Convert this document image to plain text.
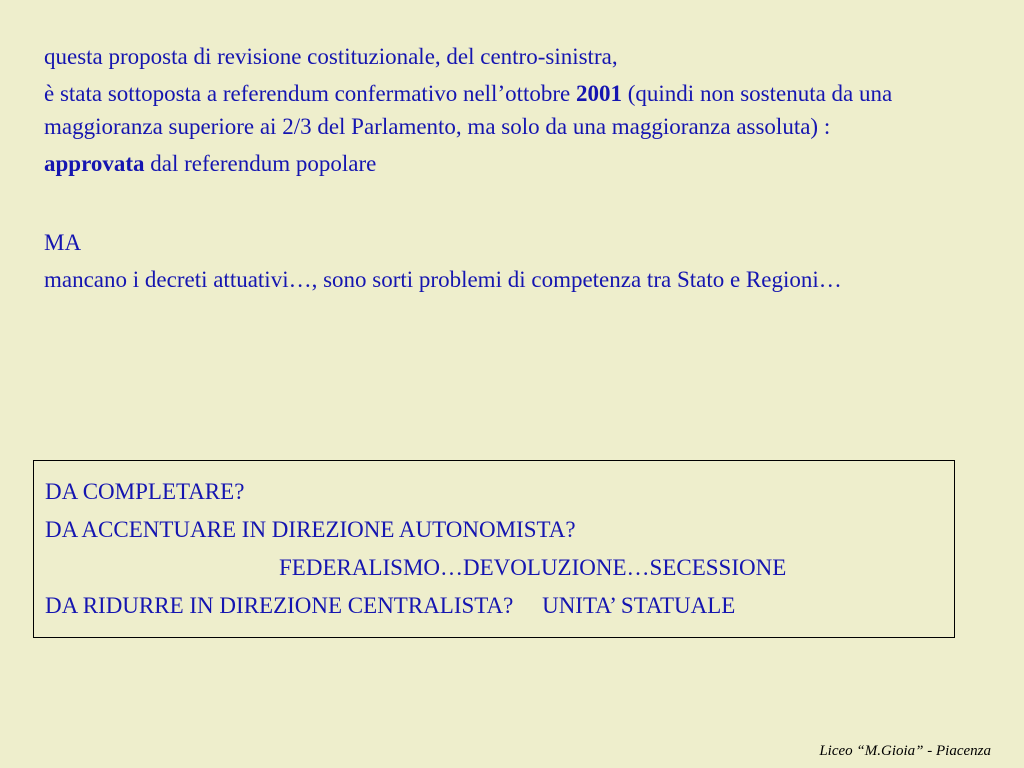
questa proposta di revisione costituzionale, del centro-sinistra,

è stata sottoposta a referendum confermativo nell’ottobre 2001 (quindi non sostenuta da una maggioranza superiore ai 2/3 del Parlamento, ma solo da una maggioranza assoluta) :

approvata dal referendum popolare

MA

mancano i decreti attuativi…, sono sorti problemi di competenza tra Stato e Regioni…

DA COMPLETARE?
DA ACCENTUARE IN DIREZIONE AUTONOMISTA?
FEDERALISMO…DEVOLUZIONE…SECESSIONE
DA RIDURRE IN DIREZIONE CENTRALISTA?     UNITA’ STATUALE
Liceo “M.Gioia” - Piacenza
